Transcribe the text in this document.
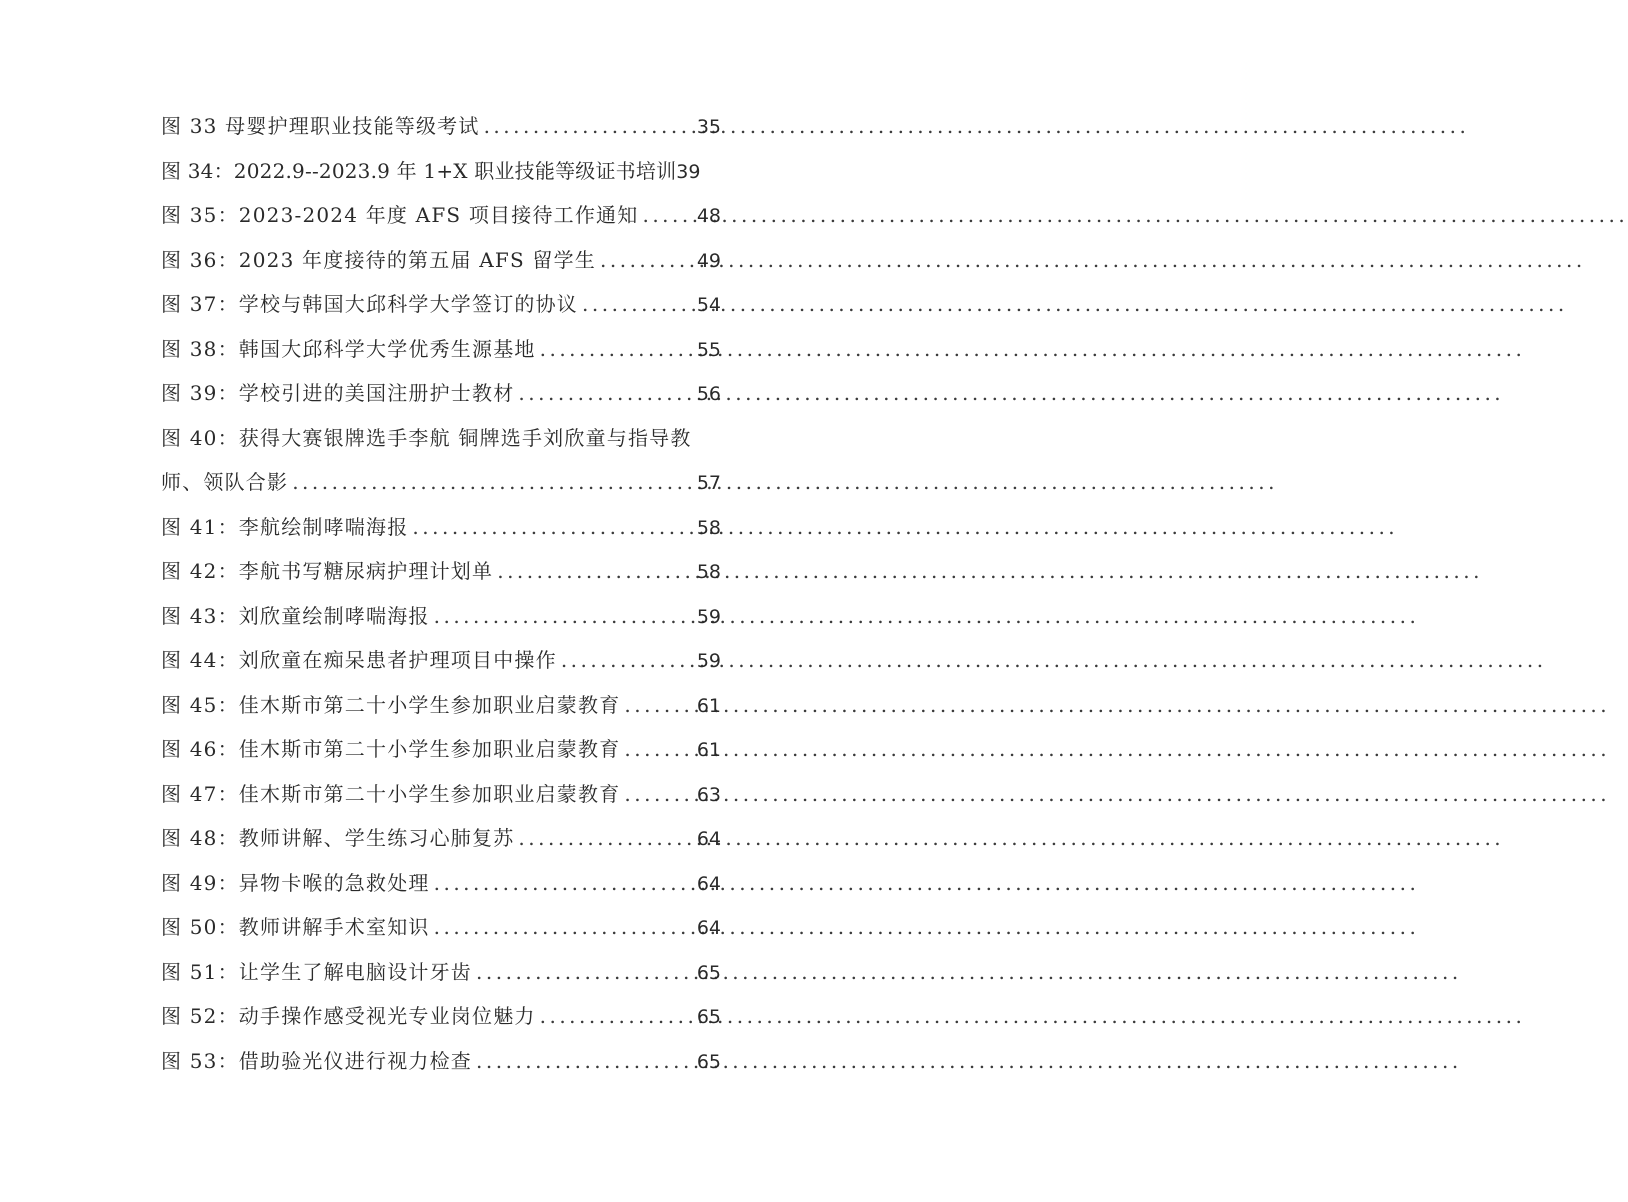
图 33 母婴护理职业技能等级考试 .....	35
图 34：2022.9--2023.9 年 1+X 职业技能等级证书培训 39
图 35：2023-2024 年度 AFS 项目接待工作通知 .....	48
图 36：2023 年度接待的第五届 AFS 留学生 .....	49
图 37：学校与韩国大邱科学大学签订的协议 .....	54
图 38：韩国大邱科学大学优秀生源基地 .....	55
图 39：学校引进的美国注册护士教材 .....	56
图 40：获得大赛银牌选手李航 铜牌选手刘欣童与指导教
师、领队合影 .....	57
图 41：李航绘制哮喘海报 .....	58
图 42：李航书写糖尿病护理计划单 .....	58
图 43：刘欣童绘制哮喘海报 .....	59
图 44：刘欣童在痴呆患者护理项目中操作 .....	59
图 45：佳木斯市第二十小学生参加职业启蒙教育 .....	61
图 46：佳木斯市第二十小学生参加职业启蒙教育 .....	61
图 47：佳木斯市第二十小学生参加职业启蒙教育 .....	63
图 48：教师讲解、学生练习心肺复苏 .....	64
图 49：异物卡喉的急救处理 .....	64
图 50：教师讲解手术室知识 .....	64
图 51：让学生了解电脑设计牙齿 .....	65
图 52：动手操作感受视光专业岗位魅力 .....	65
图 53：借助验光仪进行视力检查 .....	65
